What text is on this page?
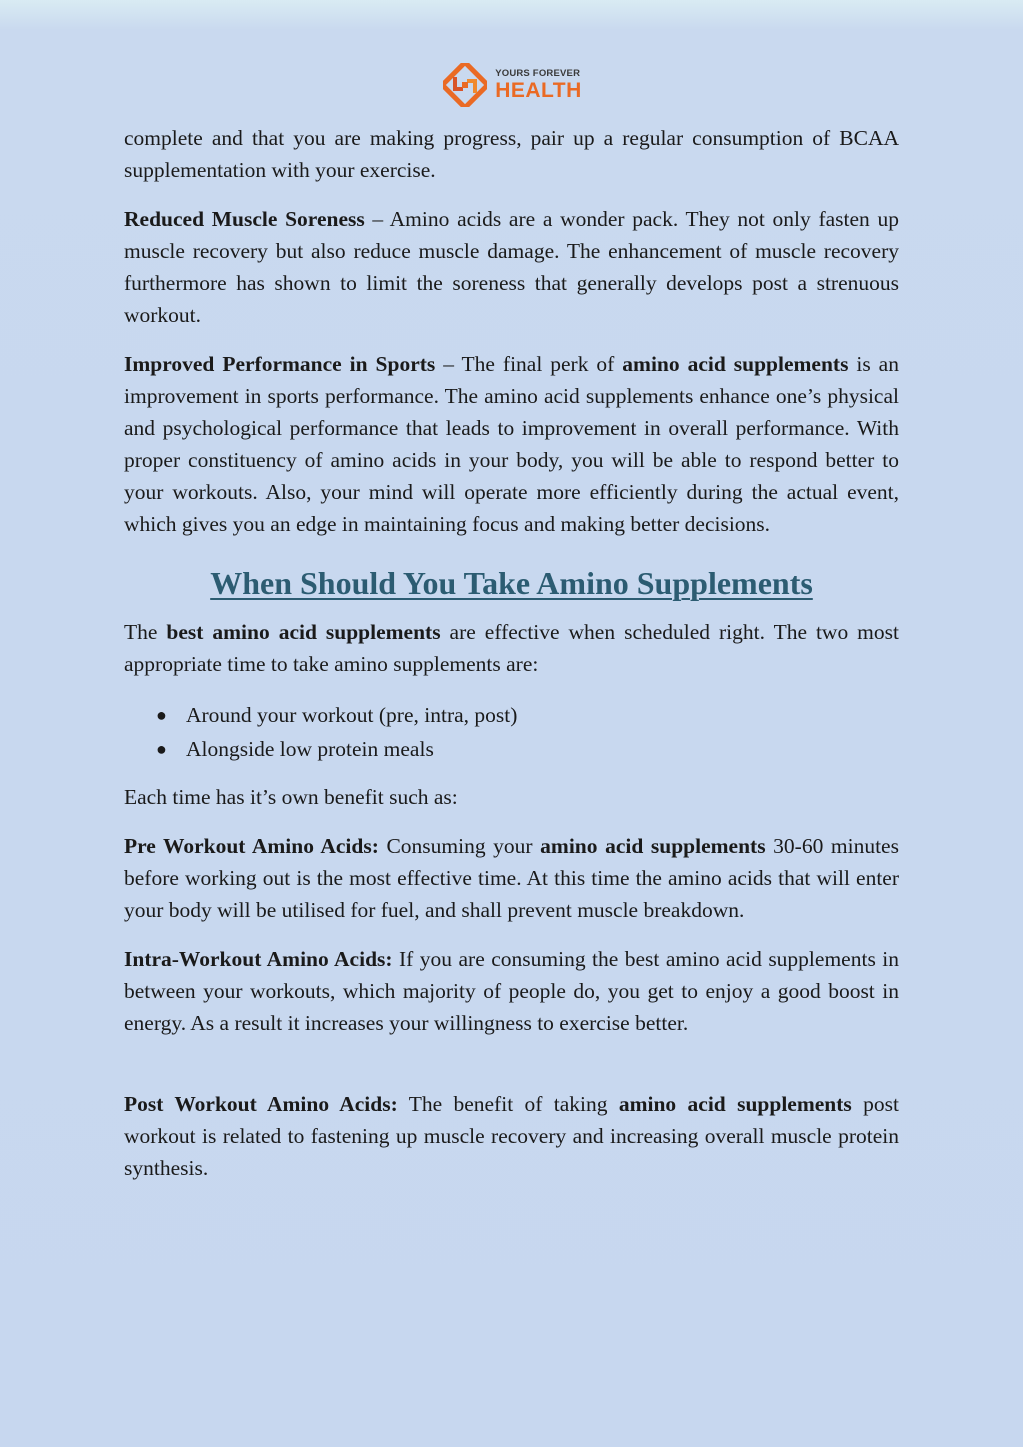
YOURS FOREVER
HEALTH

complete and that you are making progress, pair up a regular consumption of BCAA supplementation with your exercise.

Reduced Muscle Soreness – Amino acids are a wonder pack. They not only fasten up muscle recovery but also reduce muscle damage. The enhancement of muscle recovery furthermore has shown to limit the soreness that generally develops post a strenuous workout.

Improved Performance in Sports – The final perk of amino acid supplements is an improvement in sports performance. The amino acid supplements enhance one’s physical and psychological performance that leads to improvement in overall performance. With proper constituency of amino acids in your body, you will be able to respond better to your workouts. Also, your mind will operate more efficiently during the actual event, which gives you an edge in maintaining focus and making better decisions.

When Should You Take Amino Supplements

The best amino acid supplements are effective when scheduled right. The two most appropriate time to take amino supplements are:

● Around your workout (pre, intra, post)
● Alongside low protein meals

Each time has it’s own benefit such as:

Pre Workout Amino Acids: Consuming your amino acid supplements 30-60 minutes before working out is the most effective time. At this time the amino acids that will enter your body will be utilised for fuel, and shall prevent muscle breakdown.

Intra-Workout Amino Acids: If you are consuming the best amino acid supplements in between your workouts, which majority of people do, you get to enjoy a good boost in energy. As a result it increases your willingness to exercise better.

Post Workout Amino Acids: The benefit of taking amino acid supplements post workout is related to fastening up muscle recovery and increasing overall muscle protein synthesis.
